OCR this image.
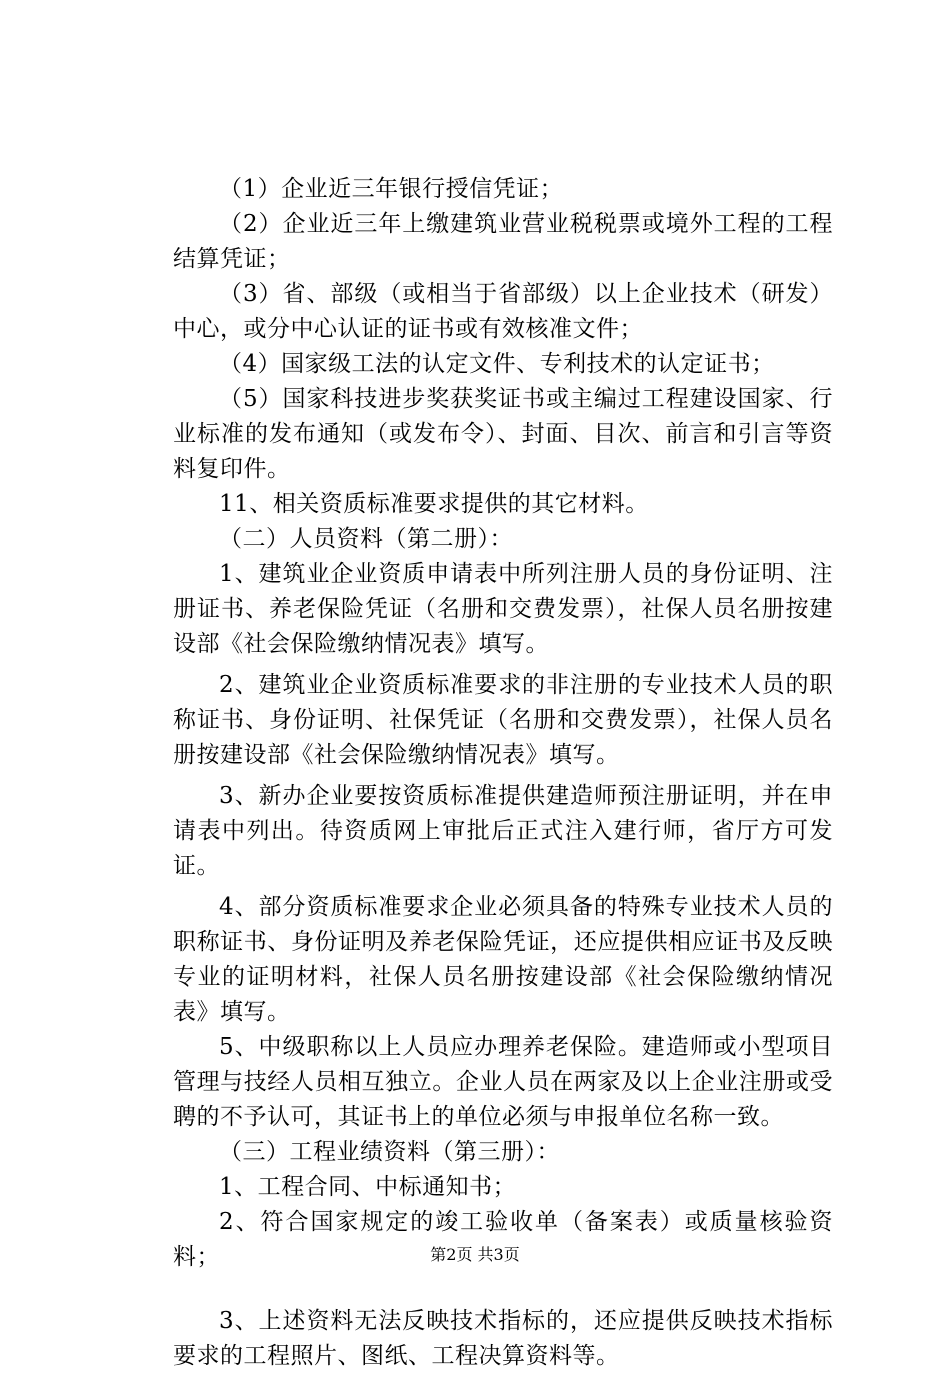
（1）企业近三年银行授信凭证；

（2）企业近三年上缴建筑业营业税税票或境外工程的工程结算凭证；

（3）省、部级（或相当于省部级）以上企业技术（研发）中心，或分中心认证的证书或有效核准文件；

（4）国家级工法的认定文件、专利技术的认定证书；

（5）国家科技进步奖获奖证书或主编过工程建设国家、行业标准的发布通知（或发布令）、封面、目次、前言和引言等资料复印件。

11、相关资质标准要求提供的其它材料。

（二）人员资料（第二册）：

1、建筑业企业资质申请表中所列注册人员的身份证明、注册证书、养老保险凭证（名册和交费发票），社保人员名册按建设部《社会保险缴纳情况表》填写。

2、建筑业企业资质标准要求的非注册的专业技术人员的职称证书、身份证明、社保凭证（名册和交费发票），社保人员名册按建设部《社会保险缴纳情况表》填写。

3、新办企业要按资质标准提供建造师预注册证明，并在申请表中列出。待资质网上审批后正式注入建行师，省厅方可发证。

4、部分资质标准要求企业必须具备的特殊专业技术人员的职称证书、身份证明及养老保险凭证，还应提供相应证书及反映专业的证明材料，社保人员名册按建设部《社会保险缴纳情况表》填写。

5、中级职称以上人员应办理养老保险。建造师或小型项目管理与技经人员相互独立。企业人员在两家及以上企业注册或受聘的不予认可，其证书上的单位必须与申报单位名称一致。

（三）工程业绩资料（第三册）：

1、工程合同、中标通知书；

2、符合国家规定的竣工验收单（备案表）或质量核验资料；

3、上述资料无法反映技术指标的，还应提供反映技术指标要求的工程照片、图纸、工程决算资料等。

第2页 共3页
